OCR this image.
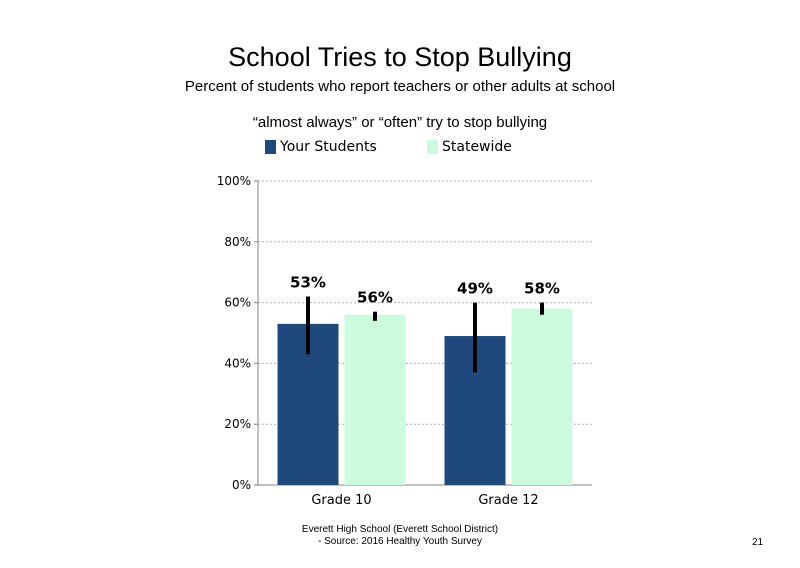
School Tries to Stop Bullying
Percent of students who report teachers or other adults at school
“almost always” or “often” try to stop bullying
Your Students	Statewide
0%
20%
40%
60%
80%
100%
53%
56%
Grade 10
49% 58%
Grade 12
Everett High School (Everett School District)
- Source: 2016 Healthy Youth Survey	21
